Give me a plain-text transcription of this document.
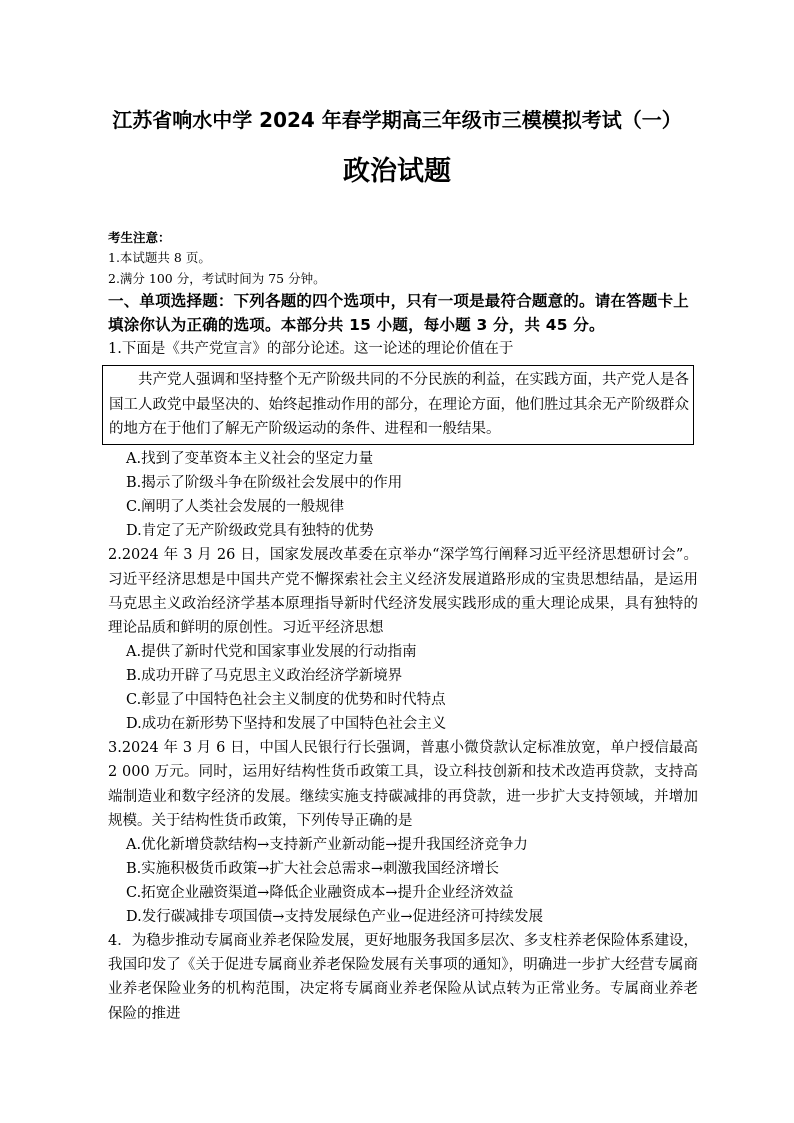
江苏省响水中学 2024 年春学期高三年级市三模模拟考试（一）
政治试题
考生注意：
1.本试题共 8 页。
2.满分 100 分，考试时间为 75 分钟。
一、单项选择题：下列各题的四个选项中，只有一项是最符合题意的。请在答题卡上填涂你认为正确的选项。本部分共 15 小题，每小题 3 分，共 45 分。
1.下面是《共产党宣言》的部分论述。这一论述的理论价值在于
共产党人强调和坚持整个无产阶级共同的不分民族的利益，在实践方面，共产党人是各国工人政党中最坚决的、始终起推动作用的部分，在理论方面，他们胜过其余无产阶级群众的地方在于他们了解无产阶级运动的条件、进程和一般结果。
A.找到了变革资本主义社会的坚定力量
B.揭示了阶级斗争在阶级社会发展中的作用
C.阐明了人类社会发展的一般规律
D.肯定了无产阶级政党具有独特的优势
2.2024 年 3 月 26 日，国家发展改革委在京举办“深学笃行阐释习近平经济思想研讨会”。习近平经济思想是中国共产党不懈探索社会主义经济发展道路形成的宝贵思想结晶，是运用马克思主义政治经济学基本原理指导新时代经济发展实践形成的重大理论成果，具有独特的理论品质和鲜明的原创性。习近平经济思想
A.提供了新时代党和国家事业发展的行动指南
B.成功开辟了马克思主义政治经济学新境界
C.彰显了中国特色社会主义制度的优势和时代特点
D.成功在新形势下坚持和发展了中国特色社会主义
3.2024 年 3 月 6 日，中国人民银行行长强调，普惠小微贷款认定标准放宽，单户授信最高 2 000 万元。同时，运用好结构性货币政策工具，设立科技创新和技术改造再贷款，支持高端制造业和数字经济的发展。继续实施支持碳减排的再贷款，进一步扩大支持领域，并增加规模。关于结构性货币政策，下列传导正确的是
A.优化新增贷款结构→支持新产业新动能→提升我国经济竞争力
B.实施积极货币政策→扩大社会总需求→刺激我国经济增长
C.拓宽企业融资渠道→降低企业融资成本→提升企业经济效益
D.发行碳减排专项国债→支持发展绿色产业→促进经济可持续发展
4．为稳步推动专属商业养老保险发展，更好地服务我国多层次、多支柱养老保险体系建设，我国印发了《关于促进专属商业养老保险发展有关事项的通知》，明确进一步扩大经营专属商业养老保险业务的机构范围，决定将专属商业养老保险从试点转为正常业务。专属商业养老保险的推进
